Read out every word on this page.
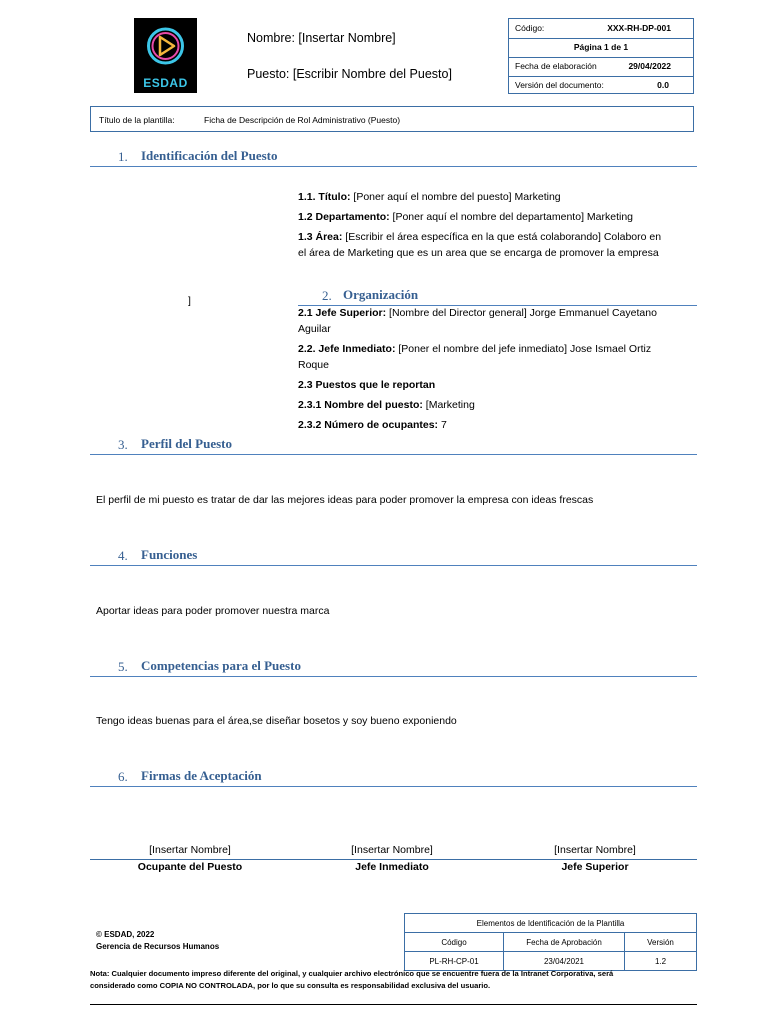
ESDAD
Nombre: [Insertar Nombre]
Puesto: [Escribir Nombre del Puesto]
Código:	XXX-RH-DP-001
Página 1 de 1
Fecha de elaboración	29/04/2022
Versión del documento:	0.0
Título de la plantilla:	Ficha de Descripción de Rol Administrativo (Puesto)
1. Identificación del Puesto
1.1. Título: [Poner aquí el nombre del puesto] Marketing
1.2 Departamento: [Poner aquí el nombre del departamento] Marketing
1.3 Área: [Escribir el área específica en la que está colaborando] Colaboro en
el área de Marketing que es un area que se encarga de promover la empresa
]	2. Organización
2.1 Jefe Superior: [Nombre del Director general] Jorge Emmanuel Cayetano
Aguilar
2.2. Jefe Inmediato: [Poner el nombre del jefe inmediato] Jose Ismael Ortiz
Roque
2.3 Puestos que le reportan
2.3.1 Nombre del puesto: [Marketing
2.3.2 Número de ocupantes: 7
3. Perfil del Puesto
El perfil de mi puesto es tratar de dar las mejores ideas para poder promover la empresa con ideas frescas
4. Funciones
Aportar ideas para poder promover nuestra marca
5. Competencias para el Puesto
Tengo ideas buenas para el área,se diseñar bosetos y soy bueno exponiendo
6. Firmas de Aceptación
[Insertar Nombre]	[Insertar Nombre]	[Insertar Nombre]
Ocupante del Puesto	Jefe Inmediato	Jefe Superior
© ESDAD, 2022
Gerencia de Recursos Humanos
Elementos de Identificación de la Plantilla		
Código	Fecha de Aprobación	Versión
PL-RH-CP-01	23/04/2021	1.2
Nota: Cualquier documento impreso diferente del original, y cualquier archivo electrónico que se encuentre fuera de la Intranet Corporativa, será
considerado como COPIA NO CONTROLADA, por lo que su consulta es responsabilidad exclusiva del usuario.
